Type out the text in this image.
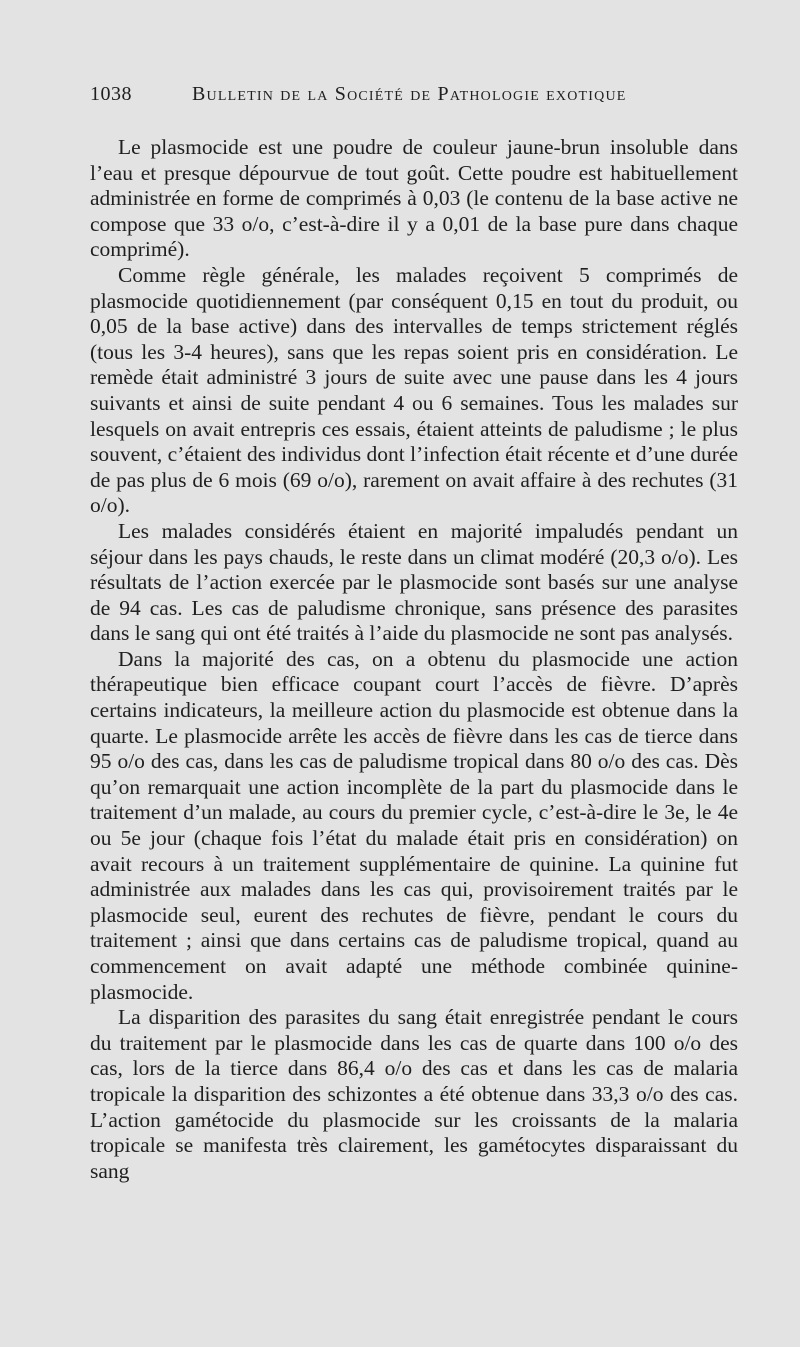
1038	Bulletin de la Société de Pathologie exotique

Le plasmocide est une poudre de couleur jaune-brun insoluble dans l’eau et presque dépourvue de tout goût. Cette poudre est habituellement administrée en forme de comprimés à 0,03 (le contenu de la base active ne compose que 33 o/o, c’est-à-dire il y a 0,01 de la base pure dans chaque comprimé).

Comme règle générale, les malades reçoivent 5 comprimés de plasmocide quotidiennement (par conséquent 0,15 en tout du produit, ou 0,05 de la base active) dans des intervalles de temps strictement réglés (tous les 3-4 heures), sans que les repas soient pris en considération. Le remède était administré 3 jours de suite avec une pause dans les 4 jours suivants et ainsi de suite pendant 4 ou 6 semaines. Tous les malades sur lesquels on avait entrepris ces essais, étaient atteints de paludisme ; le plus souvent, c’étaient des individus dont l’infection était récente et d’une durée de pas plus de 6 mois (69 o/o), rarement on avait affaire à des rechutes (31 o/o).

Les malades considérés étaient en majorité impaludés pendant un séjour dans les pays chauds, le reste dans un climat modéré (20,3 o/o). Les résultats de l’action exercée par le plasmocide sont basés sur une analyse de 94 cas. Les cas de paludisme chronique, sans présence des parasites dans le sang qui ont été traités à l’aide du plasmocide ne sont pas analysés.

Dans la majorité des cas, on a obtenu du plasmocide une action thérapeutique bien efficace coupant court l’accès de fièvre. D’après certains indicateurs, la meilleure action du plasmocide est obtenue dans la quarte. Le plasmocide arrête les accès de fièvre dans les cas de tierce dans 95 o/o des cas, dans les cas de paludisme tropical dans 80 o/o des cas. Dès qu’on remarquait une action incomplète de la part du plasmocide dans le traitement d’un malade, au cours du premier cycle, c’est-à-dire le 3e, le 4e ou 5e jour (chaque fois l’état du malade était pris en considération) on avait recours à un traitement supplémentaire de quinine. La quinine fut administrée aux malades dans les cas qui, provisoirement traités par le plasmocide seul, eurent des rechutes de fièvre, pendant le cours du traitement ; ainsi que dans certains cas de paludisme tropical, quand au commencement on avait adapté une méthode combinée quinine-plasmocide.

La disparition des parasites du sang était enregistrée pendant le cours du traitement par le plasmocide dans les cas de quarte dans 100 o/o des cas, lors de la tierce dans 86,4 o/o des cas et dans les cas de malaria tropicale la disparition des schizontes a été obtenue dans 33,3 o/o des cas. L’action gamétocide du plasmocide sur les croissants de la malaria tropicale se manifesta très clairement, les gamétocytes disparaissant du sang
